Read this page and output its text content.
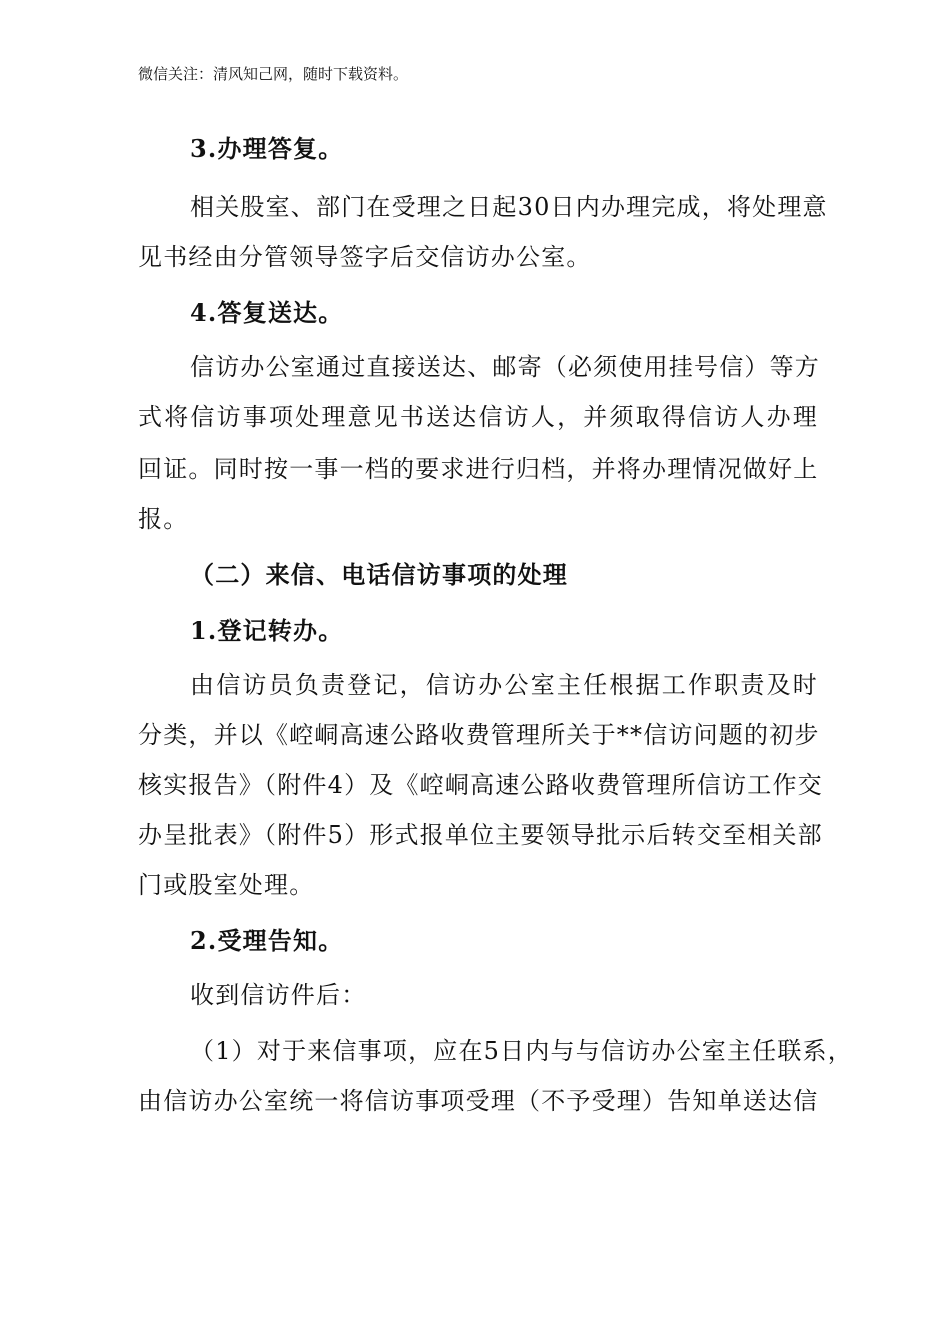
微信关注：清风知己网，随时下载资料。
3.办理答复。
相关股室、部门在受理之日起30日内办理完成，将处理意
见书经由分管领导签字后交信访办公室。
4.答复送达。
信访办公室通过直接送达、邮寄（必须使用挂号信）等方
式将信访事项处理意见书送达信访人，并须取得信访人办理
回证。同时按一事一档的要求进行归档，并将办理情况做好上
报。
（二）来信、电话信访事项的处理
1.登记转办。
由信访员负责登记，信访办公室主任根据工作职责及时
分类，并以《崆峒高速公路收费管理所关于**信访问题的初步
核实报告》（附件4）及《崆峒高速公路收费管理所信访工作交
办呈批表》（附件5）形式报单位主要领导批示后转交至相关部
门或股室处理。
2.受理告知。
收到信访件后：
（1）对于来信事项，应在5日内与与信访办公室主任联系，
由信访办公室统一将信访事项受理（不予受理）告知单送达信
